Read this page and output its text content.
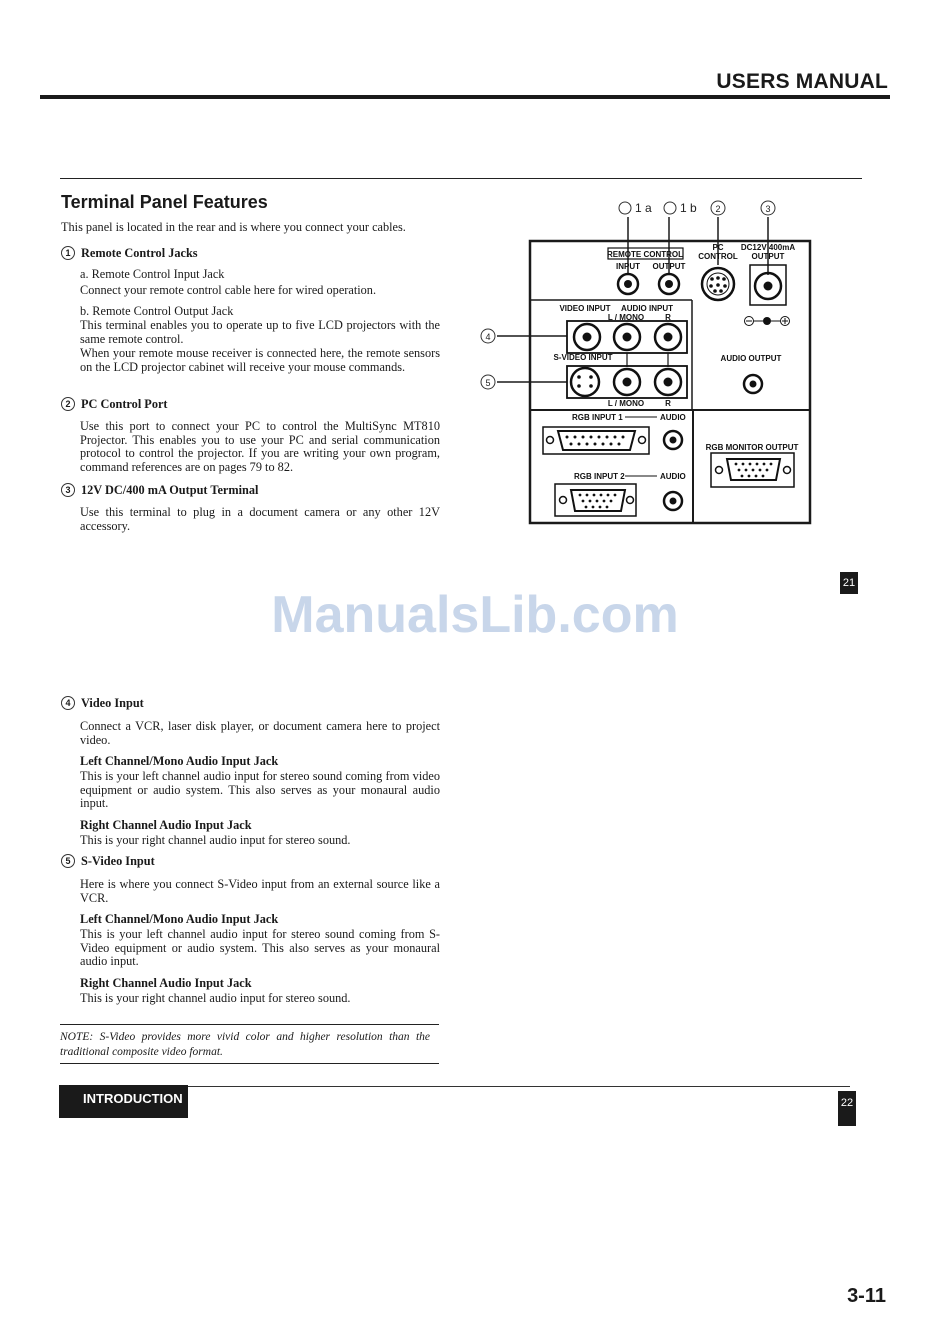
USERS MANUAL
Terminal Panel Features
This panel is located in the rear and is where you connect your cables.
1 Remote Control Jacks
a. Remote Control Input Jack
Connect your remote control cable here for wired operation.
b. Remote Control Output Jack
This terminal enables you to operate up to five LCD projectors with the same remote control.
When your remote mouse receiver is connected here, the remote sensors on the LCD projector cabinet will receive your mouse commands.
2 PC Control Port
Use this port to connect your PC to control the MultiSync MT810 Projector. This enables you to use your PC and serial communication protocol to control the projector. If you are writing your own program, command references are on pages 79 to 82.
3 12V DC/400 mA Output Terminal
Use this terminal to plug in a document camera or any other 12V accessory.
1 a 1 b 2	3
4
5
REMOTE CONTROL
INPUT OUTPUT
PC
CONTROL
DC12V 400mA
OUTPUT
VIDEO INPUT AUDIO INPUT
L / MONO	R
S-VIDEO INPUT
L / MONO	R
AUDIO OUTPUT
RGB INPUT 1	AUDIO
RGB INPUT 2	AUDIO
RGB MONITOR OUTPUT
21
ManualsLib.com
4 Video Input
Connect a VCR, laser disk player, or document camera here to project video.
Left Channel/Mono Audio Input Jack
This is your left channel audio input for stereo sound coming from video equipment or audio system. This also serves as your monaural audio input.
Right Channel Audio Input Jack
This is your right channel audio input for stereo sound.
5 S-Video Input
Here is where you connect S-Video input from an external source like a VCR.
Left Channel/Mono Audio Input Jack
This is your left channel audio input for stereo sound coming from S-Video equipment or audio system. This also serves as your monaural audio input.
Right Channel Audio Input Jack
This is your right channel audio input for stereo sound.
NOTE: S-Video provides more vivid color and higher resolution than the traditional composite video format.
INTRODUCTION	22
3-11
